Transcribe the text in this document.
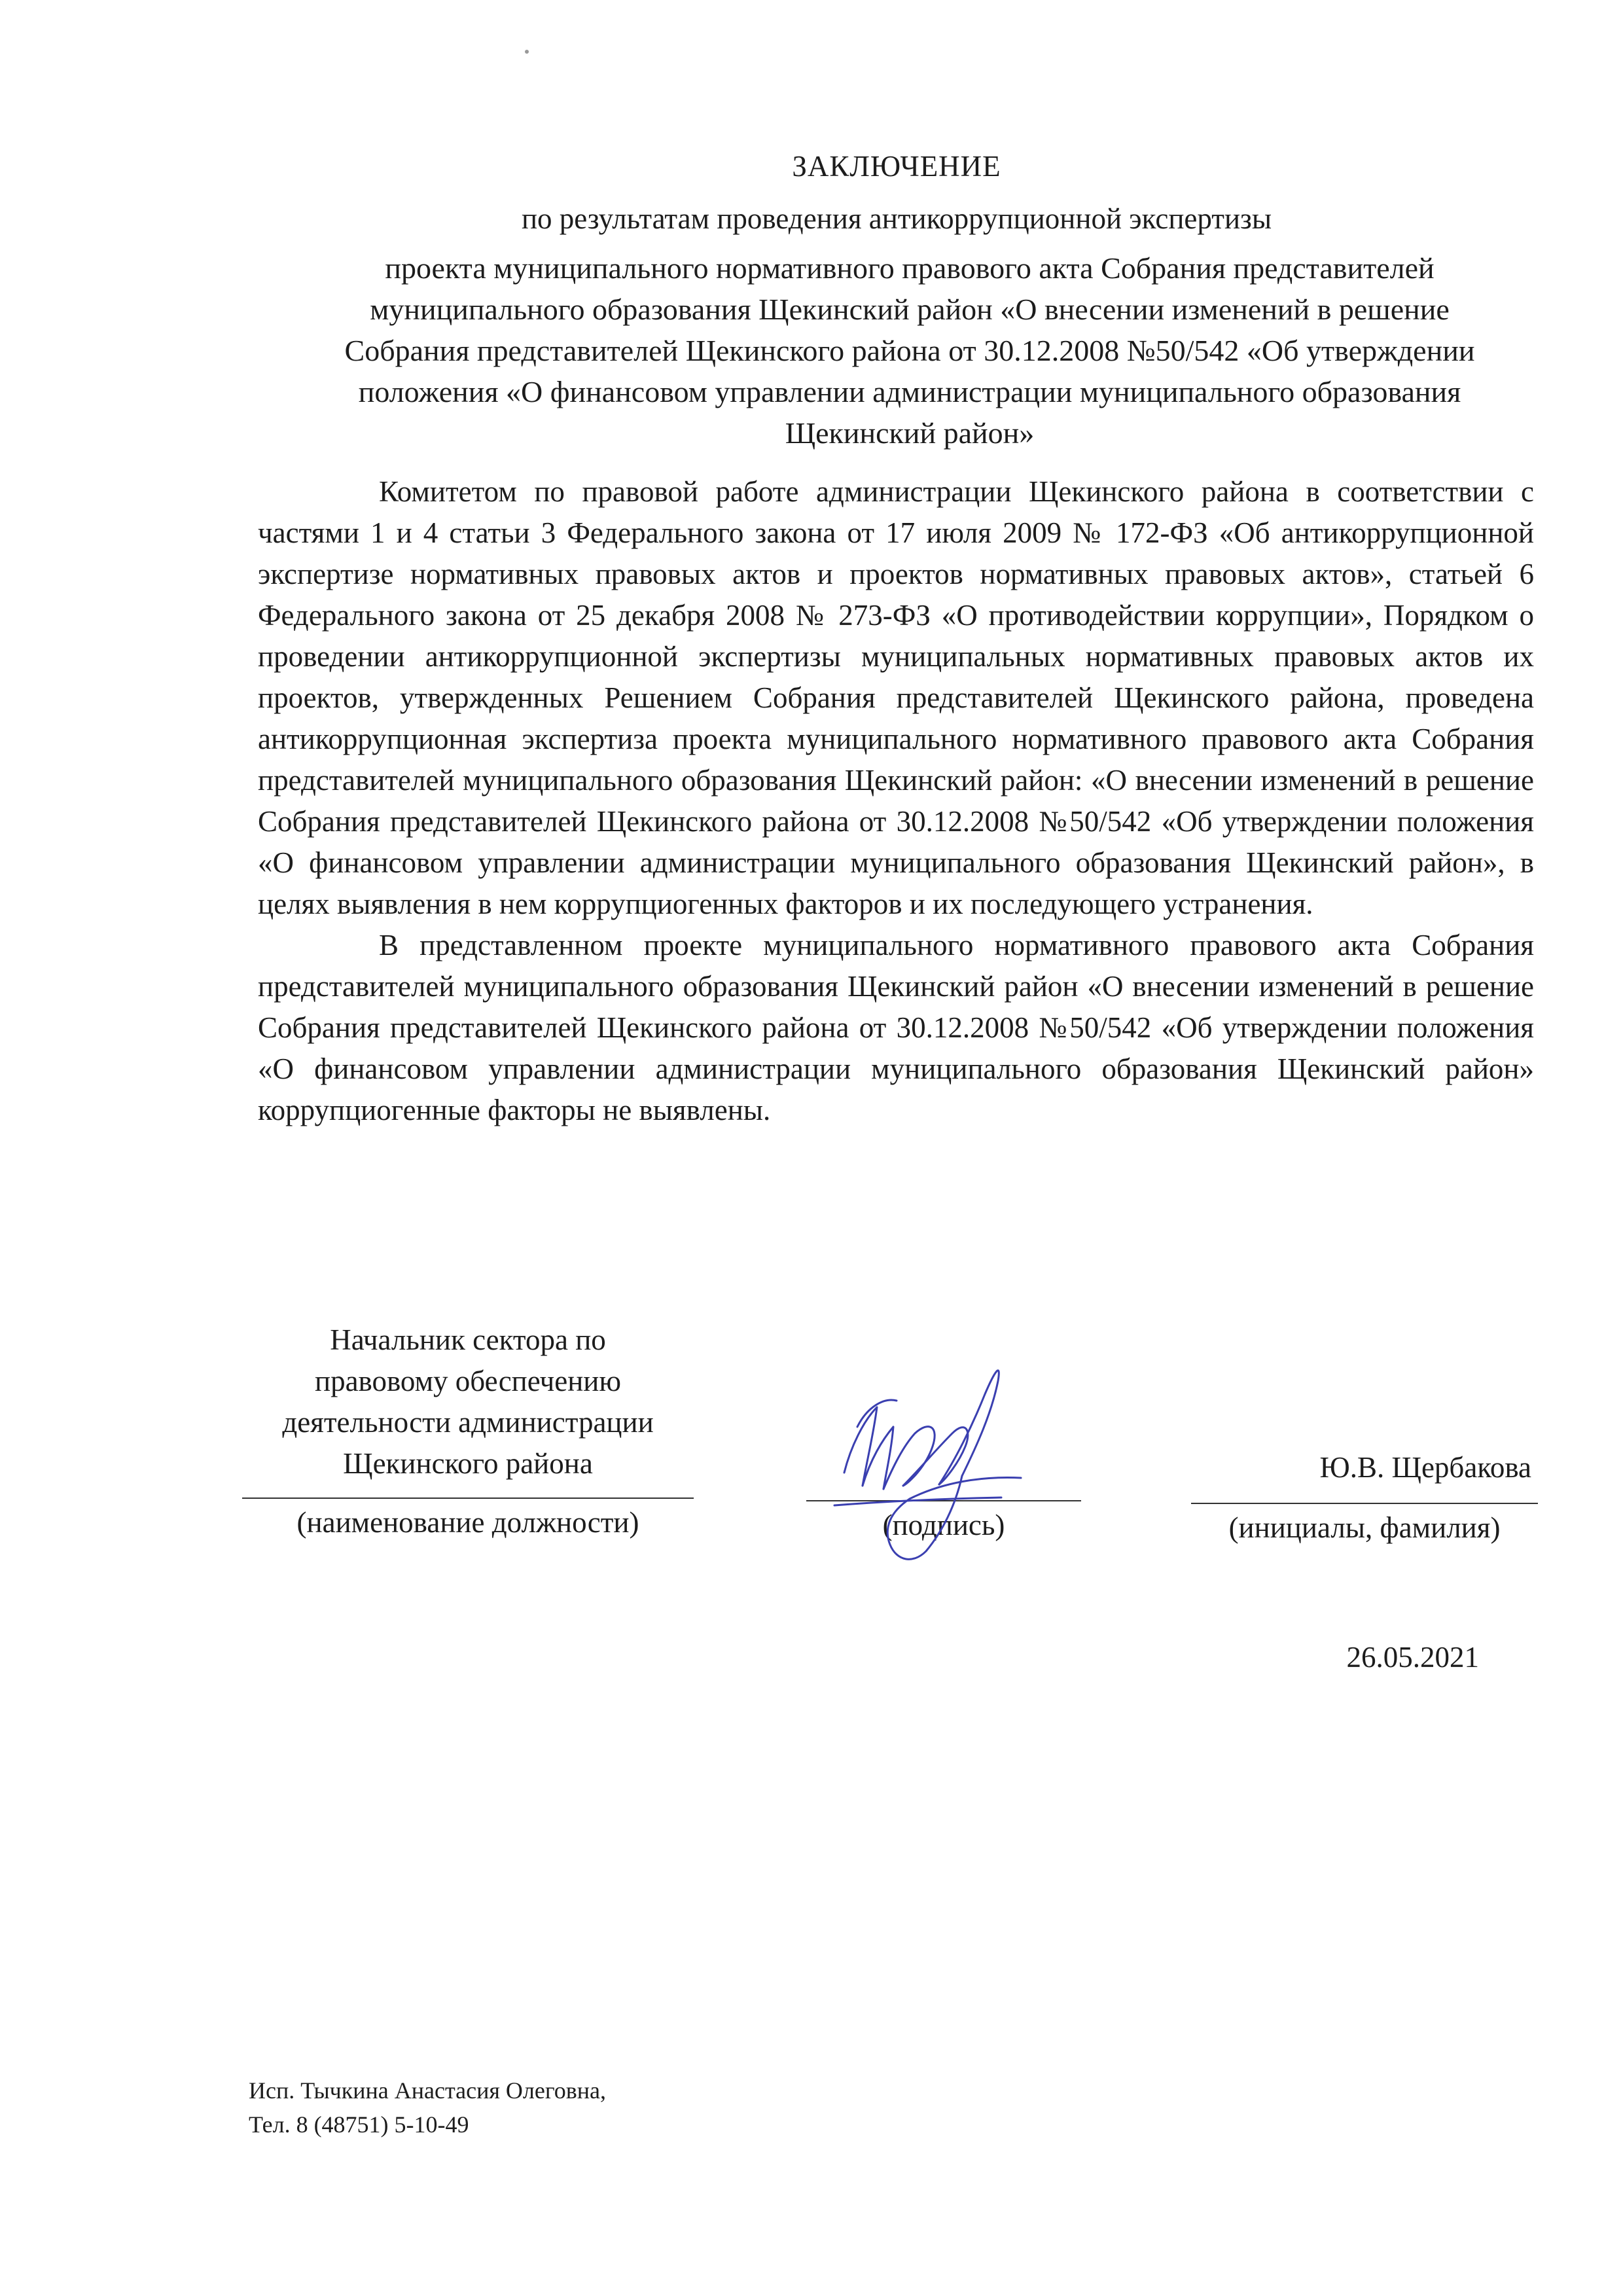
ЗАКЛЮЧЕНИЕ
по результатам проведения антикоррупционной экспертизы
проекта муниципального нормативного правового акта Собрания представителей
муниципального образования Щекинский район «О внесении изменений в решение
Собрания представителей Щекинского района от 30.12.2008 №50/542 «Об утверждении
положения «О финансовом управлении администрации муниципального образования
Щекинский район»

Комитетом по правовой работе администрации Щекинского района в соответствии с частями 1 и 4 статьи 3 Федерального закона от 17 июля 2009 № 172-ФЗ «Об антикоррупционной экспертизе нормативных правовых актов и проектов нормативных правовых актов», статьей 6 Федерального закона от 25 декабря 2008 № 273-ФЗ «О противодействии коррупции», Порядком о проведении антикоррупционной экспертизы муниципальных нормативных правовых актов их проектов, утвержденных Решением Собрания представителей Щекинского района, проведена антикоррупционная экспертиза проекта муниципального нормативного правового акта Собрания представителей муниципального образования Щекинский район: «О внесении изменений в решение Собрания представителей Щекинского района от 30.12.2008 №50/542 «Об утверждении положения «О финансовом управлении администрации муниципального образования Щекинский район», в целях выявления в нем коррупциогенных факторов и их последующего устранения.

В представленном проекте муниципального нормативного правового акта Собрания представителей муниципального образования Щекинский район «О внесении изменений в решение Собрания представителей Щекинского района от 30.12.2008 №50/542 «Об утверждении положения «О финансовом управлении администрации муниципального образования Щекинский район» коррупциогенные факторы не выявлены.

Начальник сектора по
правовому обеспечению
деятельности администрации
Щекинского района
(наименование должности)	(подпись)
Ю.В. Щербакова
(инициалы, фамилия)
26.05.2021
Исп. Тычкина Анастасия Олеговна,
Тел. 8 (48751) 5-10-49
